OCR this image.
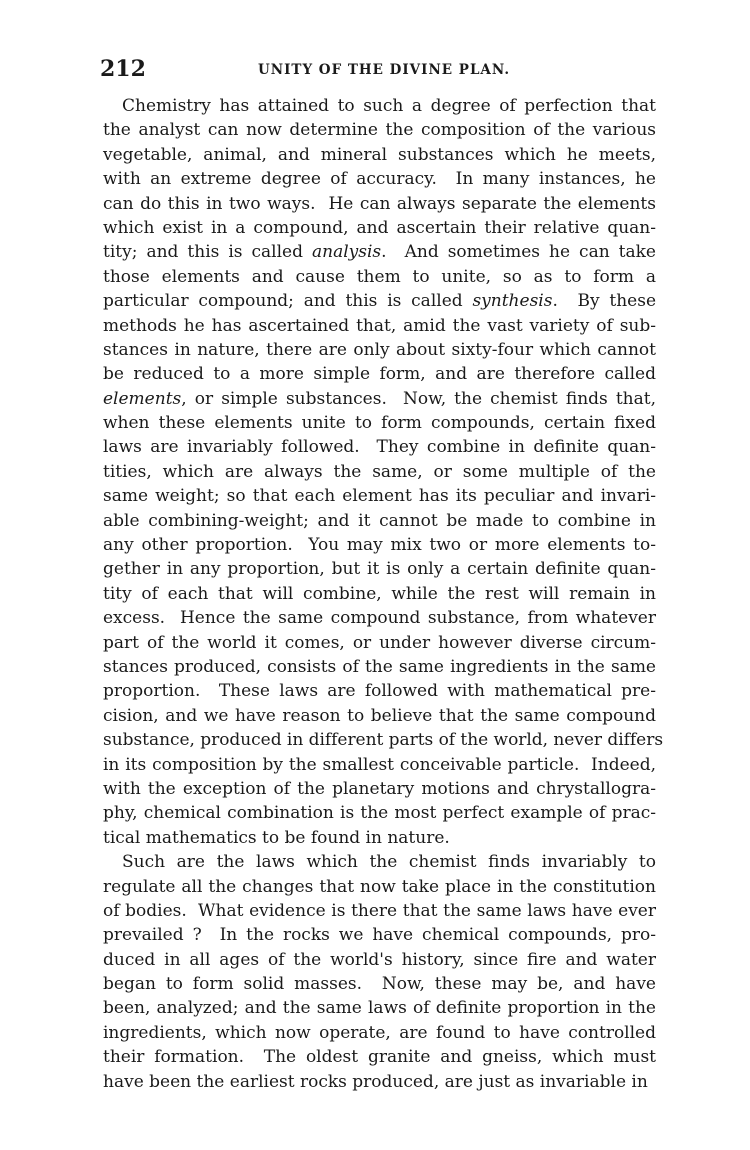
212	UNITY OF THE DIVINE PLAN.
Chemistry has attained to such a degree of perfection that
the analyst can now determine the composition of the various
vegetable, animal, and mineral substances which he meets,
with an extreme degree of accuracy.  In many instances, he
can do this in two ways.  He can always separate the elements
which exist in a compound, and ascertain their relative quan-
tity; and this is called analysis.  And sometimes he can take
those elements and cause them to unite, so as to form a
particular compound; and this is called synthesis.  By these
methods he has ascertained that, amid the vast variety of sub-
stances in nature, there are only about sixty-four which cannot
be reduced to a more simple form, and are therefore called
elements, or simple substances.  Now, the chemist finds that,
when these elements unite to form compounds, certain fixed
laws are invariably followed.  They combine in definite quan-
tities, which are always the same, or some multiple of the
same weight; so that each element has its peculiar and invari-
able combining-weight; and it cannot be made to combine in
any other proportion.  You may mix two or more elements to-
gether in any proportion, but it is only a certain definite quan-
tity of each that will combine, while the rest will remain in
excess.  Hence the same compound substance, from whatever
part of the world it comes, or under however diverse circum-
stances produced, consists of the same ingredients in the same
proportion.  These laws are followed with mathematical pre-
cision, and we have reason to believe that the same compound
substance, produced in different parts of the world, never differs
in its composition by the smallest conceivable particle.  Indeed,
with the exception of the planetary motions and chrystallogra-
phy, chemical combination is the most perfect example of prac-
tical mathematics to be found in nature.
Such are the laws which the chemist finds invariably to
regulate all the changes that now take place in the constitution
of bodies.  What evidence is there that the same laws have ever
prevailed ?  In the rocks we have chemical compounds, pro-
duced in all ages of the world's history, since fire and water
began to form solid masses.  Now, these may be, and have
been, analyzed; and the same laws of definite proportion in the
ingredients, which now operate, are found to have controlled
their formation.  The oldest granite and gneiss, which must
have been the earliest rocks produced, are just as invariable in
